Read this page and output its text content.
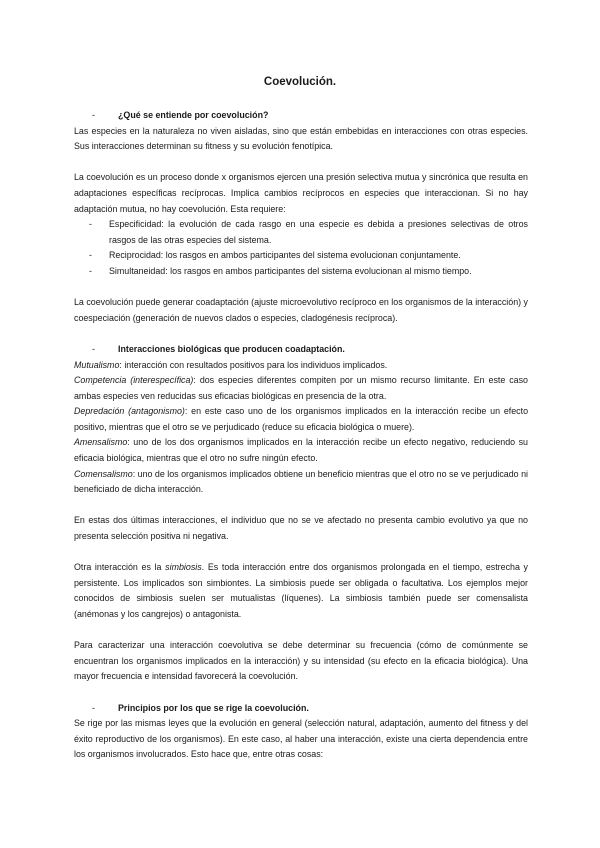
Coevolución.
-	¿Qué se entiende por coevolución?

Las especies en la naturaleza no viven aisladas, sino que están embebidas en interacciones con otras especies. Sus interacciones determinan su fitness y su evolución fenotípica.

La coevolución es un proceso donde x organismos ejercen una presión selectiva mutua y sincrónica que resulta en adaptaciones específicas recíprocas. Implica cambios recíprocos en especies que interaccionan. Si no hay adaptación mutua, no hay coevolución. Esta requiere:

- Especificidad: la evolución de cada rasgo en una especie es debida a presiones selectivas de otros rasgos de las otras especies del sistema.
- Reciprocidad: los rasgos en ambos participantes del sistema evolucionan conjuntamente.
- Simultaneidad: los rasgos en ambos participantes del sistema evolucionan al mismo tiempo.

La coevolución puede generar coadaptación (ajuste microevolutivo recíproco en los organismos de la interacción) y coespeciación (generación de nuevos clados o especies, cladogénesis recíproca).

-	Interacciones biológicas que producen coadaptación.

Mutualismo: interacción con resultados positivos para los individuos implicados.

Competencia (interespecífica): dos especies diferentes compiten por un mismo recurso limitante. En este caso ambas especies ven reducidas sus eficacias biológicas en presencia de la otra.

Depredación (antagonismo): en este caso uno de los organismos implicados en la interacción recibe un efecto positivo, mientras que el otro se ve perjudicado (reduce su eficacia biológica o muere).

Amensalismo: uno de los dos organismos implicados en la interacción recibe un efecto negativo, reduciendo su eficacia biológica, mientras que el otro no sufre ningún efecto.

Comensalismo: uno de los organismos implicados obtiene un beneficio mientras que el otro no se ve perjudicado ni beneficiado de dicha interacción.

En estas dos últimas interacciones, el individuo que no se ve afectado no presenta cambio evolutivo ya que no presenta selección positiva ni negativa.

Otra interacción es la simbiosis. Es toda interacción entre dos organismos prolongada en el tiempo, estrecha y persistente. Los implicados son simbiontes. La simbiosis puede ser obligada o facultativa. Los ejemplos mejor conocidos de simbiosis suelen ser mutualistas (líquenes). La simbiosis también puede ser comensalista (anémonas y los cangrejos) o antagonista.

Para caracterizar una interacción coevolutiva se debe determinar su frecuencia (cómo de comúnmente se encuentran los organismos implicados en la interacción) y su intensidad (su efecto en la eficacia biológica). Una mayor frecuencia e intensidad favorecerá la coevolución.

-	Principios por los que se rige la coevolución.

Se rige por las mismas leyes que la evolución en general (selección natural, adaptación, aumento del fitness y del éxito reproductivo de los organismos). En este caso, al haber una interacción, existe una cierta dependencia entre los organismos involucrados. Esto hace que, entre otras cosas:
